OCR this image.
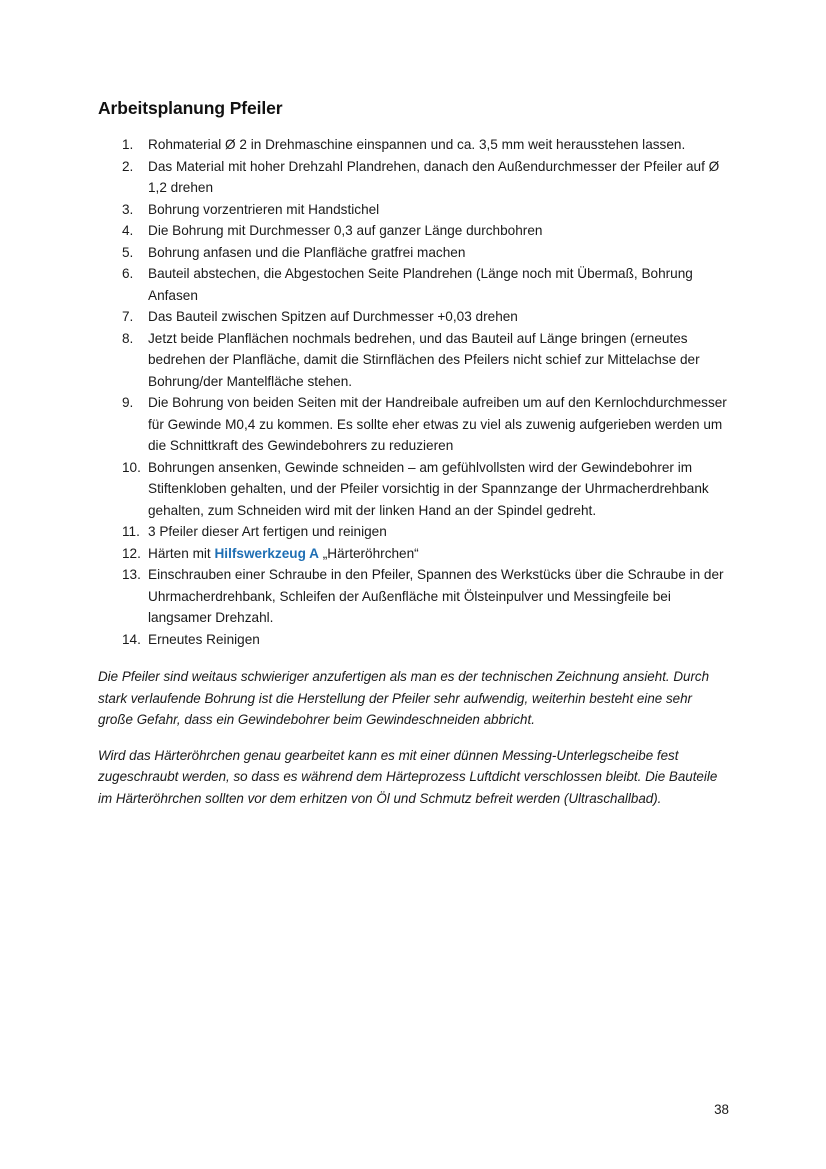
Arbeitsplanung Pfeiler
1. Rohmaterial Ø 2 in Drehmaschine einspannen und ca. 3,5 mm weit herausstehen lassen.
2. Das Material mit hoher Drehzahl Plandrehen, danach den Außendurchmesser der Pfeiler auf Ø 1,2 drehen
3. Bohrung vorzentrieren mit Handstichel
4. Die Bohrung mit Durchmesser 0,3 auf ganzer Länge durchbohren
5. Bohrung anfasen und die Planfläche gratfrei machen
6. Bauteil abstechen, die Abgestochen Seite Plandrehen (Länge noch mit Übermaß, Bohrung Anfasen
7. Das Bauteil zwischen Spitzen auf Durchmesser +0,03 drehen
8. Jetzt beide Planflächen nochmals bedrehen, und das Bauteil auf Länge bringen (erneutes bedrehen der Planfläche, damit die Stirnflächen des Pfeilers nicht schief zur Mittelachse der Bohrung/der Mantelfläche stehen.
9. Die Bohrung von beiden Seiten mit der Handreibale aufreiben um auf den Kernlochdurchmesser für Gewinde M0,4 zu kommen. Es sollte eher etwas zu viel als zuwenig aufgerieben werden um die Schnittkraft des Gewindebohrers zu reduzieren
10. Bohrungen ansenken, Gewinde schneiden – am gefühlvollsten wird der Gewindebohrer im Stiftenkloben gehalten, und der Pfeiler vorsichtig in der Spannzange der Uhrmacherdrehbank gehalten, zum Schneiden wird mit der linken Hand an der Spindel gedreht.
11. 3 Pfeiler dieser Art fertigen und reinigen
12. Härten mit Hilfswerkzeug A „Härteröhrchen“
13. Einschrauben einer Schraube in den Pfeiler, Spannen des Werkstücks über die Schraube in der Uhrmacherdrehbank, Schleifen der Außenfläche mit Ölsteinpulver und Messingfeile bei langsamer Drehzahl.
14. Erneutes Reinigen

Die Pfeiler sind weitaus schwieriger anzufertigen als man es der technischen Zeichnung ansieht. Durch stark verlaufende Bohrung ist die Herstellung der Pfeiler sehr aufwendig, weiterhin besteht eine sehr große Gefahr, dass ein Gewindebohrer beim Gewindeschneiden abbricht.

Wird das Härteröhrchen genau gearbeitet kann es mit einer dünnen Messing-Unterlegscheibe fest zugeschraubt werden, so dass es während dem Härteprozess Luftdicht verschlossen bleibt. Die Bauteile im Härteröhrchen sollten vor dem erhitzen von Öl und Schmutz befreit werden (Ultraschallbad).

38
